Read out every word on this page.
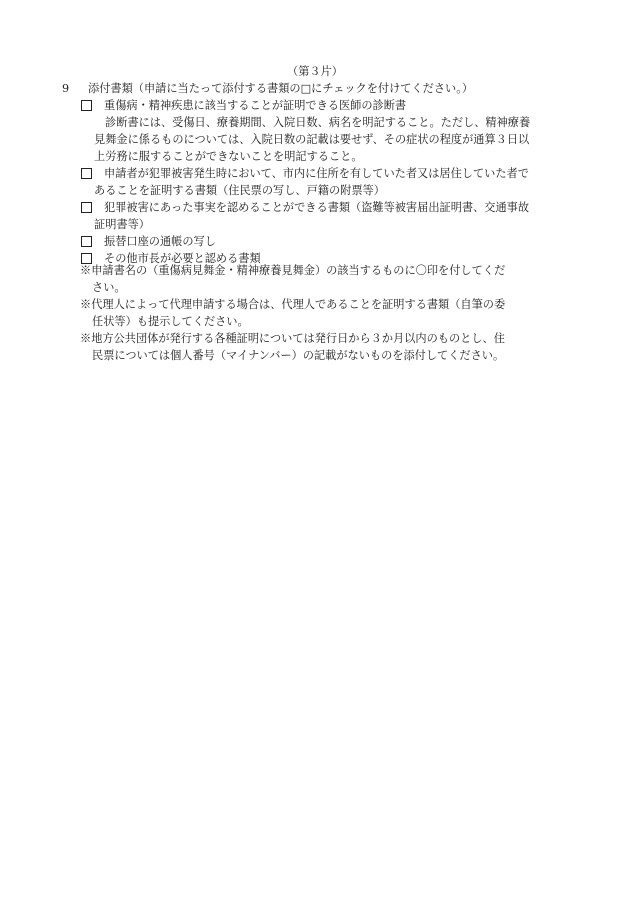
（第３片）
9	添付書類（申請に当たって添付する書類の□にチェックを付けてください。）
重傷病・精神疾患に該当することが証明できる医師の診断書
診断書には、受傷日、療養期間、入院日数、病名を明記すること。ただし、精神療養
見舞金に係るものについては、入院日数の記載は要せず、その症状の程度が通算３日以
上労務に服することができないことを明記すること。
申請者が犯罪被害発生時において、市内に住所を有していた者又は居住していた者で
あることを証明する書類（住民票の写し、戸籍の附票等）
犯罪被害にあった事実を認めることができる書類（盗難等被害届出証明書、交通事故
証明書等）
振替口座の通帳の写し
その他市長が必要と認める書類
※申請書名の（重傷病見舞金・精神療養見舞金）の該当するものに〇印を付してくだ
さい。
※代理人によって代理申請する場合は、代理人であることを証明する書類（自筆の委
任状等）も提示してください。
※地方公共団体が発行する各種証明については発行日から３か月以内のものとし、住
民票については個人番号（マイナンバー）の記載がないものを添付してください。
